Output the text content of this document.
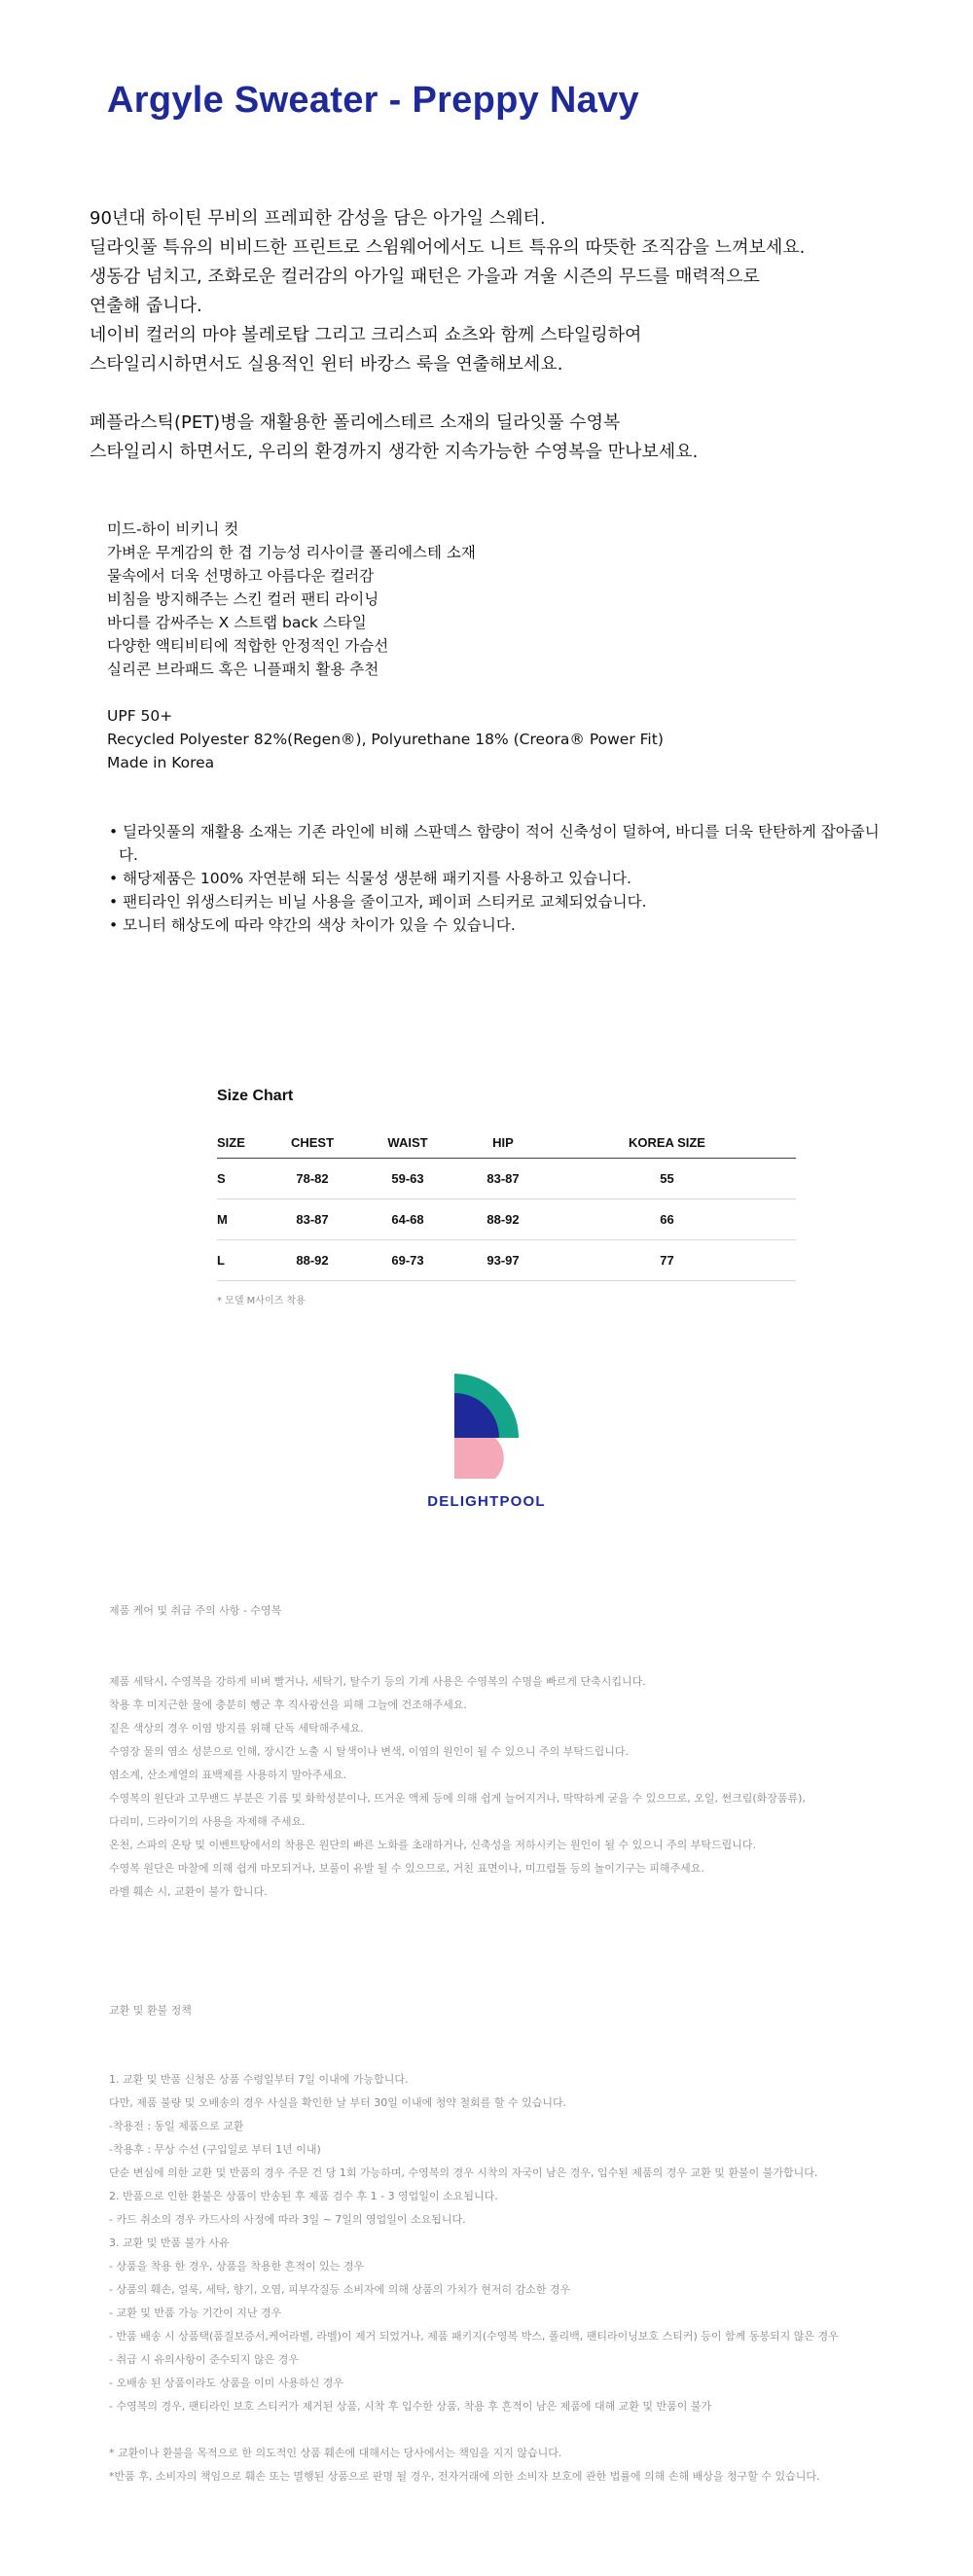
Argyle Sweater - Preppy Navy

90년대 하이틴 무비의 프레피한 감성을 담은 아가일 스웨터.

딜라잇풀 특유의 비비드한 프린트로 스윔웨어에서도 니트 특유의 따뜻한 조직감을 느껴보세요.

생동감 넘치고, 조화로운 컬러감의 아가일 패턴은 가을과 겨울 시즌의 무드를 매력적으로

연출해 줍니다.

네이비 컬러의 마야 볼레로탑 그리고 크리스피 쇼츠와 함께 스타일링하여

스타일리시하면서도 실용적인 윈터 바캉스 룩을 연출해보세요.

페플라스틱(PET)병을 재활용한 폴리에스테르 소재의 딜라잇풀 수영복

스타일리시 하면서도, 우리의 환경까지 생각한 지속가능한 수영복을 만나보세요.

미드-하이 비키니 컷
가벼운 무게감의 한 겹 기능성 리사이클 폴리에스테 소재
물속에서 더욱 선명하고 아름다운 컬러감
비침을 방지해주는 스킨 컬러 팬티 라이닝
바디를 감싸주는 X 스트랩 back 스타일
다양한 액티비티에 적합한 안정적인 가슴선
실리콘 브라패드 혹은 니플패치 활용 추천
UPF 50+
Recycled Polyester 82%(Regen®), Polyurethane 18% (Creora® Power Fit)
Made in Korea
• 딜라잇풀의 재활용 소재는 기존 라인에 비해 스판덱스 함량이 적어 신축성이 덜하여, 바디를 더욱 탄탄하게 잡아줍니다.
• 해당제품은 100% 자연분해 되는 식물성 생분해 패키지를 사용하고 있습니다.
• 팬티라인 위생스티커는 비닐 사용을 줄이고자, 페이퍼 스티커로 교체되었습니다.
• 모니터 해상도에 따라 약간의 색상 차이가 있을 수 있습니다.
Size Chart
SIZE	CHEST	WAIST	HIP	KOREA SIZE
S	78-82	59-63	83-87	55
M	83-87	64-68	88-92	66
L	88-92	69-73	93-97	77
* 모델 M사이즈 착용
DELIGHTPOOL
제품 케어 및 취급 주의 사항 - 수영복
제품 세탁시, 수영복을 강하게 비벼 빨거나, 세탁기, 탈수기 등의 기계 사용은 수영복의 수명을 빠르게 단축시킵니다.
착용 후 미지근한 물에 충분히 헹군 후 직사광선을 피해 그늘에 건조해주세요.
짙은 색상의 경우 이염 방지를 위해 단독 세탁해주세요.
수영장 물의 염소 성분으로 인해, 장시간 노출 시 탈색이나 변색, 이염의 원인이 될 수 있으니 주의 부탁드립니다.
염소계, 산소계열의 표백제를 사용하지 말아주세요.
수영복의 원단과 고무밴드 부분은 기름 및 화학성분이나, 뜨거운 액체 등에 의해 쉽게 늘어지거나, 딱딱하게 굳을 수 있으므로, 오일, 썬크림(화장품류),
다리미, 드라이기의 사용을 자제해 주세요.
온천, 스파의 온탕 및 이벤트탕에서의 착용은 원단의 빠른 노화를 초래하거나, 신축성을 저하시키는 원인이 될 수 있으니 주의 부탁드립니다.
수영복 원단은 마찰에 의해 쉽게 마모되거나, 보풀이 유발 될 수 있으므로, 거친 표면이나, 미끄럼틀 등의 놀이기구는 피해주세요.
라벨 훼손 시, 교환이 불가 합니다.
교환 및 환불 정책
1. 교환 및 반품 신청은 상품 수령일부터 7일 이내에 가능합니다.
다만, 제품 불량 및 오배송의 경우 사실을 확인한 날 부터 30일 이내에 청약 철회를 할 수 있습니다.
-착용전 : 동일 제품으로 교환
-착용후 : 무상 수선 (구입일로 부터 1년 이내)
단순 변심에 의한 교환 및 반품의 경우 주문 건 당 1회 가능하며, 수영복의 경우 시착의 자국이 남은 경우, 입수된 제품의 경우 교환 및 환불이 불가합니다.
2. 반품으로 인한 환불은 상품이 반송된 후 제품 검수 후 1 - 3 영업일이 소요됩니다.
- 카드 취소의 경우 카드사의 사정에 따라 3일 ~ 7일의 영업일이 소요됩니다.
3. 교환 및 반품 불가 사유
- 상품을 착용 한 경우, 상품을 착용한 흔적이 있는 경우
- 상품의 훼손, 얼룩, 세탁, 향기, 오염, 피부각질등 소비자에 의해 상품의 가치가 현저히 감소한 경우
- 교환 및 반품 가능 기간이 지난 경우
- 반품 배송 시 상품택(품질보증서,케어라벨, 라벨)이 제거 되었거나, 제품 패키지(수영복 박스, 폴리백, 팬티라이닝보호 스티커) 등이 함께 동봉되지 않은 경우
- 취급 시 유의사항이 준수되지 않은 경우
- 오배송 된 상품이라도 상품을 이미 사용하신 경우
- 수영복의 경우, 팬티라인 보호 스티커가 제거된 상품, 시착 후 입수한 상품, 착용 후 흔적이 남은 제품에 대해 교환 및 반품이 불가
* 교환이나 환불을 목적으로 한 의도적인 상품 훼손에 대해서는 당사에서는 책임을 지지 않습니다.
*반품 후, 소비자의 책임으로 훼손 또는 멸행된 상품으로 판명 될 경우, 전자거래에 의한 소비자 보호에 관한 법률에 의해 손해 배상을 청구할 수 있습니다.
